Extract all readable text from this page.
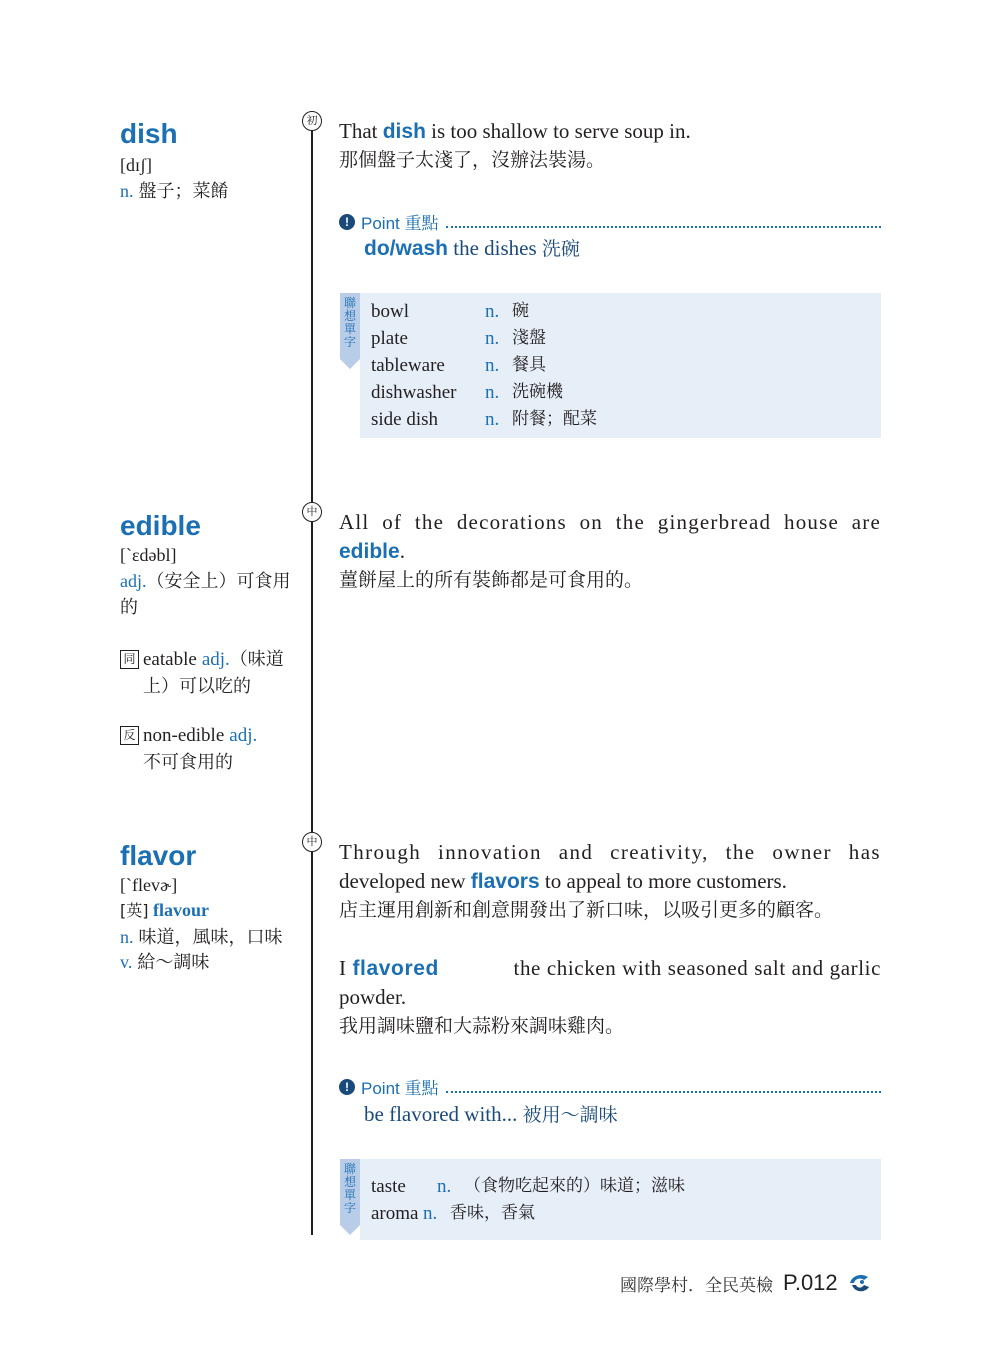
初
dish
[dɪʃ]
n. 盤子；菜餚
That dish is too shallow to serve soup in.
那個盤子太淺了，沒辦法裝湯。
! Point 重點
do/wash the dishes 洗碗
聯想單字
bowl	n. 碗
plate	n. 淺盤
tableware	n. 餐具
dishwasher	n. 洗碗機
side dish	n. 附餐；配菜
中
edible
[ˋɛdəbl]
adj.（安全上）可食用的
同 eatable adj.（味道
上）可以吃的
反 non-edible adj.
不可食用的
All of the decorations on the gingerbread house are
edible.
薑餅屋上的所有裝飾都是可食用的。
中
flavor
[ˋflevɚ]
[英] flavour
n. 味道，風味，口味
v. 給～調味
Through innovation and creativity, the owner has
developed new flavors to appeal to more customers.
店主運用創新和創意開發出了新口味，以吸引更多的顧客。
I flavored	the chicken with seasoned salt and garlic
powder.
我用調味鹽和大蒜粉來調味雞肉。
! Point 重點
be flavored with... 被用～調味
聯想單字
taste	n. （食物吃起來的）味道；滋味
aroma n. 香味，香氣
國際學村．全民英檢 P.012
